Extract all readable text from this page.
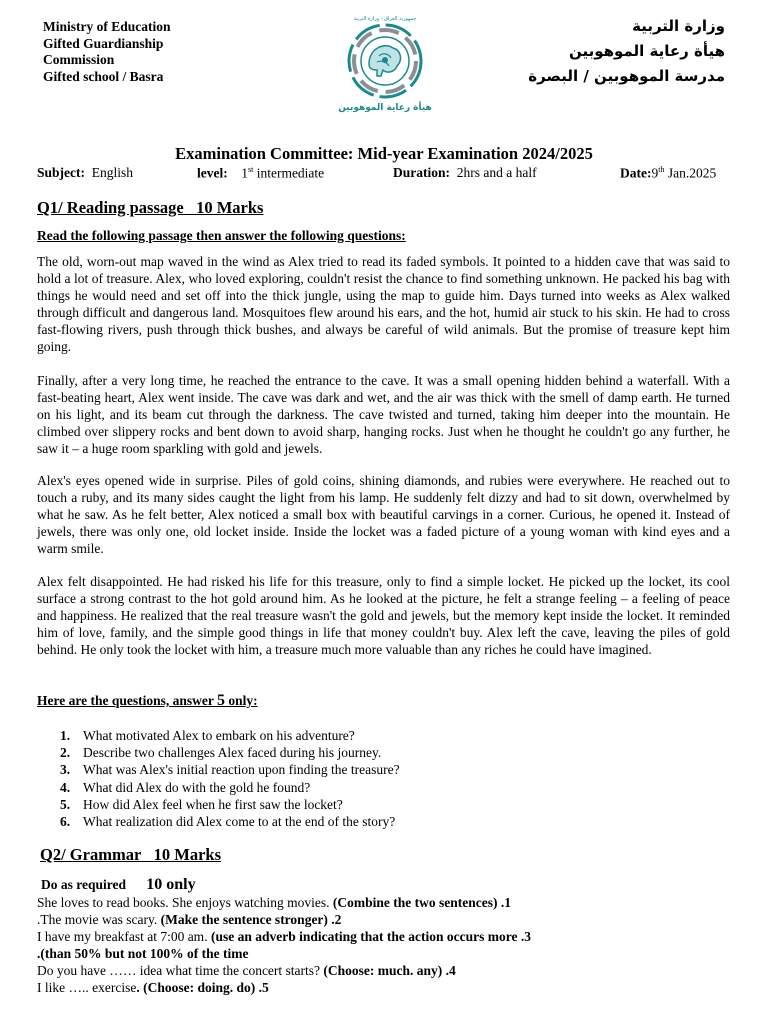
Ministry of Education
Gifted Guardianship
Commission
Gifted school / Basra
وزارة التربية
هيأة رعاية الموهوبين
مدرسة الموهوبين / البصرة
جمهورية العراق - وزارة التربية
هيأة رعاية الموهوبين
Examination Committee: Mid-year Examination 2024/2025
Subject: English	level: 1st intermediate	Duration: 2hrs and a half	Date:9th Jan.2025
Q1/ Reading passage 10 Marks
Read the following passage then answer the following questions:
The old, worn-out map waved in the wind as Alex tried to read its faded symbols. It pointed to a hidden cave that was said to hold a lot of treasure. Alex, who loved exploring, couldn't resist the chance to find something unknown. He packed his bag with things he would need and set off into the thick jungle, using the map to guide him. Days turned into weeks as Alex walked through difficult and dangerous land. Mosquitoes flew around his ears, and the hot, humid air stuck to his skin. He had to cross fast-flowing rivers, push through thick bushes, and always be careful of wild animals. But the promise of treasure kept him going.
Finally, after a very long time, he reached the entrance to the cave. It was a small opening hidden behind a waterfall. With a fast-beating heart, Alex went inside. The cave was dark and wet, and the air was thick with the smell of damp earth. He turned on his light, and its beam cut through the darkness. The cave twisted and turned, taking him deeper into the mountain. He climbed over slippery rocks and bent down to avoid sharp, hanging rocks. Just when he thought he couldn't go any further, he saw it – a huge room sparkling with gold and jewels.
Alex's eyes opened wide in surprise. Piles of gold coins, shining diamonds, and rubies were everywhere. He reached out to touch a ruby, and its many sides caught the light from his lamp. He suddenly felt dizzy and had to sit down, overwhelmed by what he saw. As he felt better, Alex noticed a small box with beautiful carvings in a corner. Curious, he opened it. Instead of jewels, there was only one, old locket inside. Inside the locket was a faded picture of a young woman with kind eyes and a warm smile.
Alex felt disappointed. He had risked his life for this treasure, only to find a simple locket. He picked up the locket, its cool surface a strong contrast to the hot gold around him. As he looked at the picture, he felt a strange feeling – a feeling of peace and happiness. He realized that the real treasure wasn't the gold and jewels, but the memory kept inside the locket. It reminded him of love, family, and the simple good things in life that money couldn't buy. Alex left the cave, leaving the piles of gold behind. He only took the locket with him, a treasure much more valuable than any riches he could have imagined.
Here are the questions, answer 5 only:
1. What motivated Alex to embark on his adventure?
2. Describe two challenges Alex faced during his journey.
3. What was Alex's initial reaction upon finding the treasure?
4. What did Alex do with the gold he found?
5. How did Alex feel when he first saw the locket?
6. What realization did Alex come to at the end of the story?
Q2/ Grammar 10 Marks
Do as required 10 only
She loves to read books. She enjoys watching movies. (Combine the two sentences) .1
.The movie was scary. (Make the sentence stronger) .2
I have my breakfast at 7:00 am. (use an adverb indicating that the action occurs more .3
.(than 50% but not 100% of the time
Do you have …… idea what time the concert starts? (Choose: much. any) .4
I like ….. exercise. (Choose: doing. do) .5
